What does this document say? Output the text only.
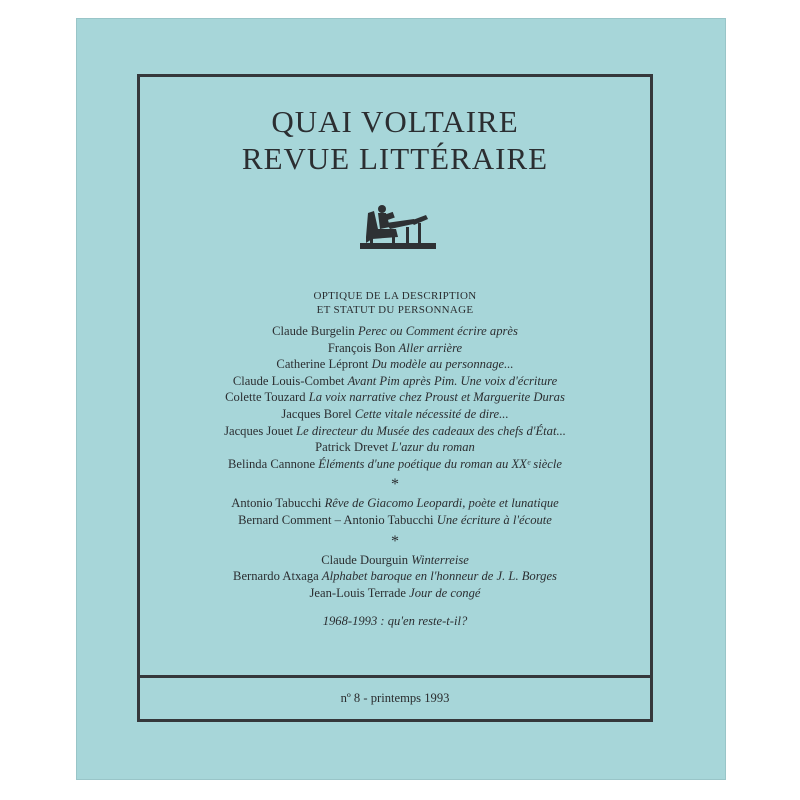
QUAI VOLTAIRE
REVUE LITTÉRAIRE
OPTIQUE DE LA DESCRIPTION
ET STATUT DU PERSONNAGE
Claude Burgelin Perec ou Comment écrire après
François Bon Aller arrière
Catherine Lépront Du modèle au personnage...
Claude Louis-Combet Avant Pim après Pim. Une voix d'écriture
Colette Touzard La voix narrative chez Proust et Marguerite Duras
Jacques Borel Cette vitale nécessité de dire...
Jacques Jouet Le directeur du Musée des cadeaux des chefs d'État...
Patrick Drevet L'azur du roman
Belinda Cannone Éléments d'une poétique du roman au XXᵉ siècle
*
Antonio Tabucchi Rêve de Giacomo Leopardi, poète et lunatique
Bernard Comment – Antonio Tabucchi Une écriture à l'écoute
*
Claude Dourguin Winterreise
Bernardo Atxaga Alphabet baroque en l'honneur de J. L. Borges
Jean-Louis Terrade Jour de congé
1968-1993 : qu'en reste-t-il?
nº 8 - printemps 1993
